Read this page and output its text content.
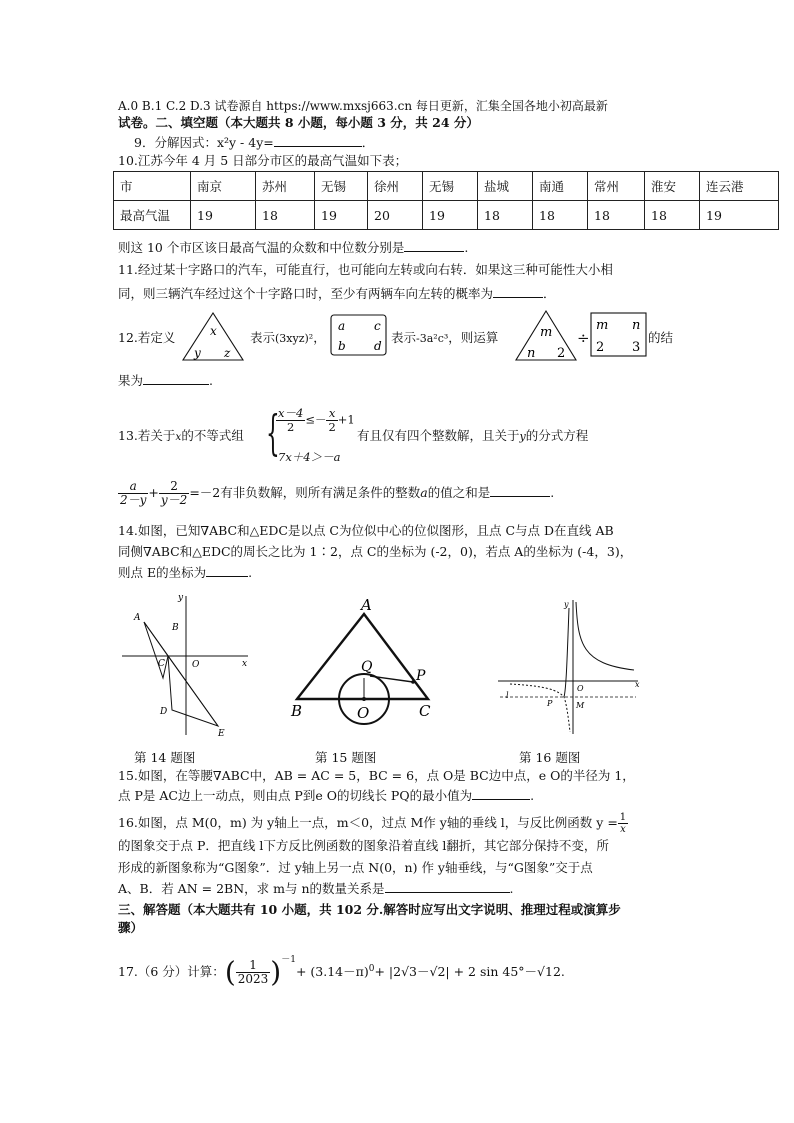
A.0 B.1 C.2 D.3 试卷源自 https://www.mxsj663.cn 每日更新，汇集全国各地小初高最新
试卷。二、填空题（本大题共 8 小题，每小题 3 分，共 24 分）
9．分解因式：x²y - 4y=	．
10.江苏今年 4 月 5 日部分市区的最高气温如下表；
市	南京	苏州	无锡	徐州	无锡	盐城	南通	常州	淮安	连云港
最高气温	19	18	19	20	19	18	18	18	18	19
则这 10 个市区该日最高气温的众数和中位数分别是	.
11.经过某十字路口的汽车，可能直行，也可能向左转或向右转．如果这三种可能性大小相
同，则三辆汽车经过这个十字路口时，至少有两辆车向左转的概率为	．
12.若定义	x
y z
表示(3xyz)²，
a c
b d
表示-3a²c³，则运算	m
n 2
÷
m n
2 3
的结
果为	.
13.若关于x的不等式组 {
$\frac{x-4}{2} \le- \frac{x}{2} +1$
7x＋4＞－a
有且仅有四个整数解，且关于y的分式方程
$\frac{a}{2-y} + \frac{2}{y-2} =-2$有非负数解，则所有满足条件的整数a的值之和是	.
14.如图，已知∇ABC和△EDC是以点 C为位似中心的位似图形，且点 C与点 D在直线 AB
同侧∇ABC和△EDC的周长之比为 1∶2，点 C的坐标为 (-2，0)，若点 A的坐标为 (-4，3)，
则点 E的坐标为	.
A
B
C	O
D
E
x
y	A
B	C
O
Q
P
y
x
O
P	M
l
第 14 题图	第 15 题图	第 16 题图
15.如图，在等腰∇ABC中，AB = AC = 5，BC = 6，点 O是 BC边中点，e O的半径为 1，
点 P是 AC边上一动点，则由点 P到e O的切线长 PQ的最小值为	.
16.如图，点 M(0，m) 为 y轴上一点，m＜0，过点 M作 y轴的垂线 l，与反比例函数 $y = \frac{1}{x}$
的图象交于点 P．把直线 l下方反比例函数的图象沿着直线 l翻折，其它部分保持不变，所
形成的新图象称为“G图象”．过 y轴上另一点 N(0，n) 作 y轴垂线，与“G图象”交于点
A、B．若 AN = 2BN，求 m与 n的数量关系是	.
三、解答题（本大题共有 10 小题，共 102 分.解答时应写出文字说明、推理过程或演算步
骤）
17.（6 分）计算：( $\frac{1}{2023} )^{-1}+ (3.14-\pi)^0+ |2√3-√2| + 2$ sin 45°－√12.
